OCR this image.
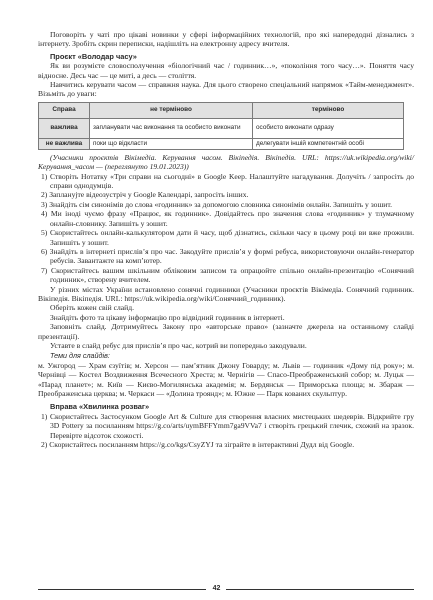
Поговоріть у чаті про цікаві новинки у сфері інформаційних технологій, про які напередодні дізнались з інтернету. Зробіть скрин переписки, надішліть на електронну адресу вчителя.

Проєкт «Володар часу»

Як ви розумієте словосполучення «біологічний час / годинник…», «покоління того часу…». Поняття часу відносне. Десь час — це миті, а десь — століття.

Навчитись керувати часом — справжня наука. Для цього створено спеціальний напрямок «Тайм-менеджмент». Візьміть до уваги:

Справа	не терміново	терміново
важлива	запланувати час виконання та особисто виконати	особисто виконати одразу
не важлива	поки що відкласти	делегувати іншій компетентній особі

(Учасники проєктів Вікімедіа. Керування часом. Вікіпедія. Вікіпедія. URL: https://uk.wikipedia.org/wiki/Керування_часом — (переглянуто 19.01.2023))

1) Створіть Нотатку «Три справи на сьогодні» в Google Keep. Налаштуйте нагадування. Долучіть / запросіть до справи однодумців.
2) Запланујте відеозустріч у Google Календарі, запросіть інших.
3) Знайдіть сім синонімів до слова «годинник» за допомогою словника синонімів онлайн. Запишіть у зошит.
4) Ми іноді чуємо фразу «Працює, як годинник». Довідайтесь про значення слова «годинник» у тлумачному онлайн-словнику. Запишіть у зошит.
5) Скористайтесь онлайн-калькулятором дати й часу, щоб дізнатись, скільки часу в цьому році ви вже прожили. Запишіть у зошит.
6) Знайдіть в інтернеті прислів’я про час. Закодуйте прислів’я у формі ребуса, використовуючи онлайн-генератор ребусів. Завантажте на комп’ютер.
7) Скористайтесь вашим шкільним обліковим записом та опрацюйте спільно онлайн-презентацію «Сонячний годинник», створену вчителем.

У різних містах України встановлено сонячні годинники (Учасники проєктів Вікімедіа. Сонячний годинник. Вікіпедія. Вікіпедія. URL: https://uk.wikipedia.org/wiki/Сонячний_годинник).

Оберіть кожен свій слайд.

Знайдіть фото та цікаву інформацію про відвідний годинник в інтернеті.

Заповніть слайд. Дотримуйтесь Закону про «авторське право» (зазначте джерела на останньому слайді презентації).

Уставте в слайд ребус для прислів’я про час, котрий ви попередньо закодували.

Теми для слайдів:

м. Ужгород — Храм єзуїтів; м. Херсон — пам’ятник Джону Говарду; м. Львів — годинник «Дому під року»; м. Чернівці — Костел Воздвиження Всечесного Хреста; м. Чернігів — Спасо-Преображенський собор; м. Луцьк — «Парад планет»; м. Київ — Києво-Могилянська академія; м. Бердянськ — Приморська площа; м. Збараж — Преображенська церква; м. Черкаси — «Долина троянд»; м. Южне — Парк кованих скульптур.

Вправа «Хвилинка розваг»

1) Скористайтесь Застосунком Google Art & Culture для створення власних мистецьких шедеврів. Відкрийте гру 3D Pottery за посиланням https://g.co/arts/uymBFFYmm7ga9VVa7 і створіть грецький глечик, схожий на зразок. Перевірте відсоток схожості.
2) Скористайтесь посиланням https://g.co/kgs/CsyZYJ та зіграйте в інтерактивні Дудл від Google.
42
